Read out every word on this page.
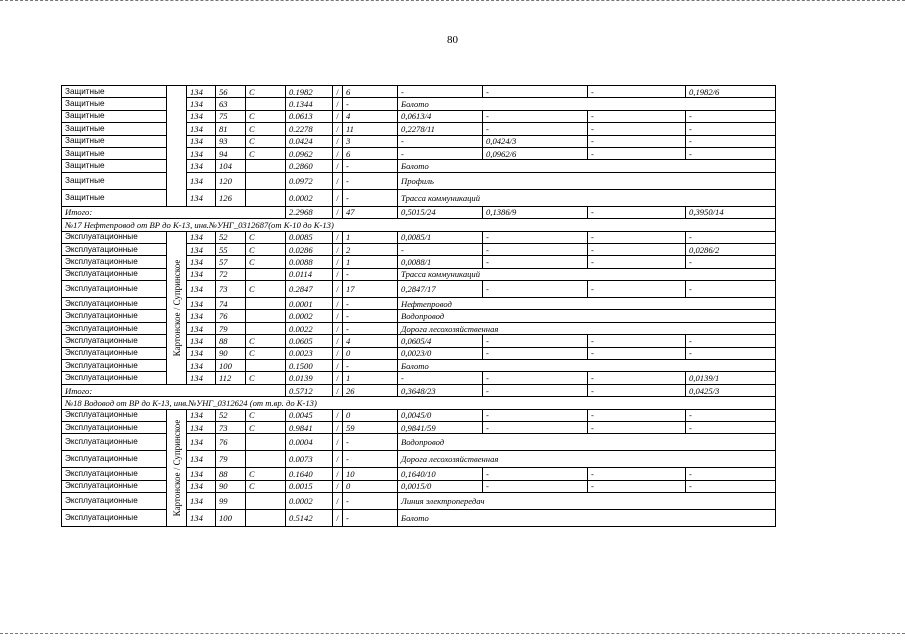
80
Защитные		134	56	С	0.1982	/	6	-	-	-	0,1982/6
Защитные		134	63		0.1344	/	-	Болото			
Защитные		134	75	С	0.0613	/	4	0,0613/4	-	-	-
Защитные		134	81	С	0.2278	/	11	0,2278/11	-	-	-
Защитные		134	93	С	0.0424	/	3	-	0,0424/3	-	-
Защитные		134	94	С	0.0962	/	6	-	0,0962/6	-	-
Защитные		134	104		0.2860	/	-	Болото			
Защитные		134	120		0.0972	/	-	Профиль			
Защитные		134	126		0.0002	/	-	Трасса коммуникаций			
Итого:					2.2968	/	47	0,5015/24	0,1386/9	-	0,3950/14
№17 Нефтепровод от ВР до К-13, инв.№УНГ_0312687(от К-10 до К-13)											
Эксплуатационные	Картонское / Супринское	134	52	С	0.0085	/	1	0,0085/1	-	-	-
Эксплуатационные		134	55	С	0.0286	/	2	-	-	-	0,0286/2
Эксплуатационные		134	57	С	0.0088	/	1	0,0088/1	-	-	-
Эксплуатационные		134	72		0.0114	/	-	Трасса коммуникаций			
Эксплуатационные		134	73	С	0.2847	/	17	0,2847/17	-	-	-
Эксплуатационные		134	74		0.0001	/	-	Нефтепровод			
Эксплуатационные		134	76		0.0002	/	-	Водопровод			
Эксплуатационные		134	79		0.0022	/	-	Дорога лесохозяйственная			
Эксплуатационные		134	88	С	0.0605	/	4	0,0605/4	-	-	-
Эксплуатационные		134	90	С	0.0023	/	0	0,0023/0	-	-	-
Эксплуатационные		134	100		0.1500	/	-	Болото			
Эксплуатационные		134	112	С	0.0139	/	1	-	-	-	0,0139/1
Итого:					0.5712	/	26	0,3648/23	-	-	0,0425/3
№18 Водовод от ВР до К-13, инв.№УНГ_0312624 (от т.вр. до К-13)											
Эксплуатационные	Картонское / Супринское	134	52	С	0.0045	/	0	0,0045/0	-	-	-
Эксплуатационные		134	73	С	0.9841	/	59	0,9841/59	-	-	-
Эксплуатационные		134	76		0.0004	/	-	Водопровод			
Эксплуатационные		134	79		0.0073	/	-	Дорога лесохозяйственная			
Эксплуатационные		134	88	С	0.1640	/	10	0,1640/10	-	-	-
Эксплуатационные		134	90	С	0.0015	/	0	0,0015/0	-	-	-
Эксплуатационные		134	99		0.0002	/	-	Линия электропередач			
Эксплуатационные		134	100		0.5142	/	-	Болото			
